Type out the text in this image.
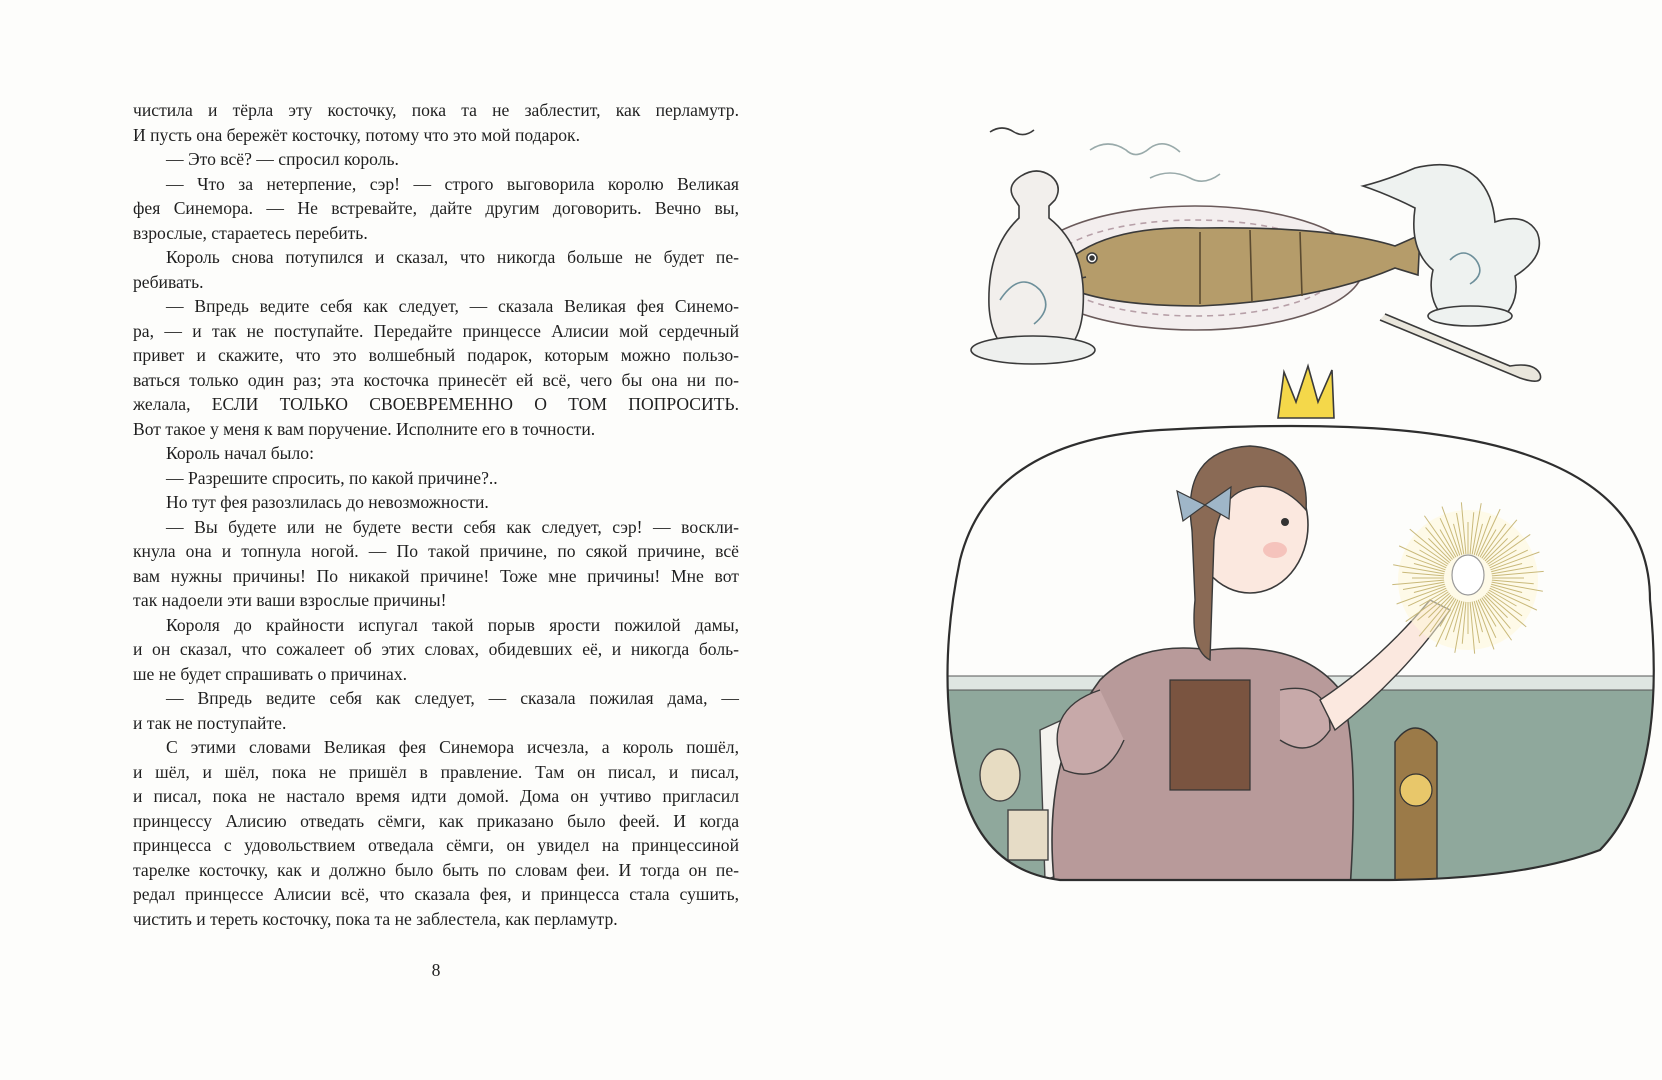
чистила и тёрла эту косточку, пока та не заблестит, как перламутр.
И пусть она бережёт косточку, потому что это мой подарок.
— Это всё? — спросил король.
— Что за нетерпение, сэр! — строго выговорила королю Великая
фея Синемора. — Не встревайте, дайте другим договорить. Вечно вы,
взрослые, стараетесь перебить.
Король снова потупился и сказал, что никогда больше не будет пе-
ребивать.
— Впредь ведите себя как следует, — сказала Великая фея Синемо-
ра, — и так не поступайте. Передайте принцессе Алисии мой сердечный
привет и скажите, что это волшебный подарок, которым можно пользо-
ваться только один раз; эта косточка принесёт ей всё, чего бы она ни по-
желала, ЕСЛИ ТОЛЬКО СВОЕВРЕМЕННО О ТОМ ПОПРОСИТЬ.
Вот такое у меня к вам поручение. Исполните его в точности.
Король начал было:
— Разрешите спросить, по какой причине?..
Но тут фея разозлилась до невозможности.
— Вы будете или не будете вести себя как следует, сэр! — воскли-
кнула она и топнула ногой. — По такой причине, по сякой причине, всё
вам нужны причины! По никакой причине! Тоже мне причины! Мне вот
так надоели эти ваши взрослые причины!
Короля до крайности испугал такой порыв ярости пожилой дамы,
и он сказал, что сожалеет об этих словах, обидевших её, и никогда боль-
ше не будет спрашивать о причинах.
— Впредь ведите себя как следует, — сказала пожилая дама, —
и так не поступайте.
С этими словами Великая фея Синемора исчезла, а король пошёл,
и шёл, и шёл, пока не пришёл в правление. Там он писал, и писал,
и писал, пока не настало время идти домой. Дома он учтиво пригласил
принцессу Алисию отведать сёмги, как приказано было феей. И когда
принцесса с удовольствием отведала сёмги, он увидел на принцессиной
тарелке косточку, как и должно было быть по словам феи. И тогда он пе-
редал принцессе Алисии всё, что сказала фея, и принцесса стала сушить,
чистить и тереть косточку, пока та не заблестела, как перламутр.
8
